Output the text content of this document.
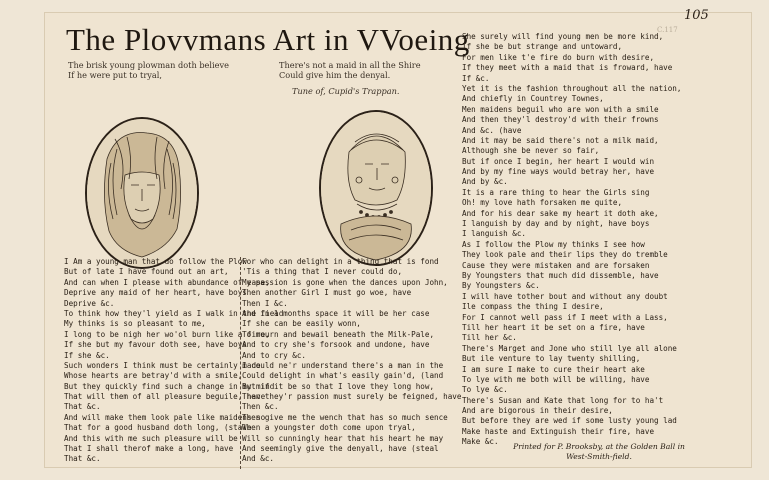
The Plovvmans Art in VVoeing
The brisk young plowman doth believe
If he were put to tryal,
There's not a maid in all the Shire
Could give him the denyal.
Tune of, Cupid's Trappan.
I Am a young man that do follow the Plow
But of late I have found out an art,
And can when I please with abundance of ease,
Deprive any maid of her heart, have boys
Deprive &c.
To think how they'l yield as I walk in the field
My thinks is so pleasant to me,
I long to be nigh her wo'ol burn like a fire,
If she but my favour doth see, have boys
If she &c.
Such wonders I think must be certainly made
Whose hearts are betray'd with a smile,
But they quickly find such a change in my mind
That will them of all pleasure beguile, have
That &c.
And will make them look pale like maidens so
That for a good husband doth long, (stale
And this with me such pleasure will be
That I shall therof make a long, have
That &c.
For who can delight in a thing that is fond
'Tis a thing that I never could do,
My passion is gone when the dances upon John,
Then another Girl I must go woe, have
Then I &c.
And in a months space it will be her case
If she can be easily wonn,
To mourn and bewail beneath the Milk-Pale,
And to cry she's forsook and undone, have
And to cry &c.
I could ne'r understand there's a man in the
Could delight in what's easily gain'd, (land
But if it be so that I love they long how,
Then they'r passion must surely be feigned, have
Then &c.
Then give me the wench that has so much sence
When a youngster doth come upon tryal,
Will so cunningly hear that his heart he may
And seemingly give the denyall, have (steal
And &c.
She surely will find young men be more kind,
If she be but strange and untoward,
For men like t'e fire do burn with desire,
If they meet with a maid that is froward, have
If &c.
Yet it is the fashion throughout all the nation,
And chiefly in Countrey Townes,
Men maidens beguil who are won with a smile
And then they'l destroy'd with their frowns
And &c. (have
And it may be said there's not a milk maid,
Although she be never so fair,
But if once I begin, her heart I would win
And by my fine ways would betray her, have
And by &c.
It is a rare thing to hear the Girls sing
Oh! my love hath forsaken me quite,
And for his dear sake my heart it doth ake,
I languish by day and by night, have boys
I languish &c.
As I follow the Plow my thinks I see how
They look pale and their lips they do tremble
Cause they were mistaken and are forsaken
By Youngsters that much did dissemble, have
By Youngsters &c.
I will have tother bout and without any doubt
Ile compass the thing I desire,
For I cannot well pass if I meet with a Lass,
Till her heart it be set on a fire, have
Till her &c.
There's Marget and Jone who still lye all alone
But ile venture to lay twenty shilling,
I am sure I make to cure their heart ake
To lye with me both will be willing, have
To lye &c.
There's Susan and Kate that long for to ha't
And are bigorous in their desire,
But before they are wed if some lusty young lad
Make haste and Extinguish their fire, have
Make &c.
Printed for P. Brooksby, at the Golden Ball in
West-Smith-field.
105
C.117
